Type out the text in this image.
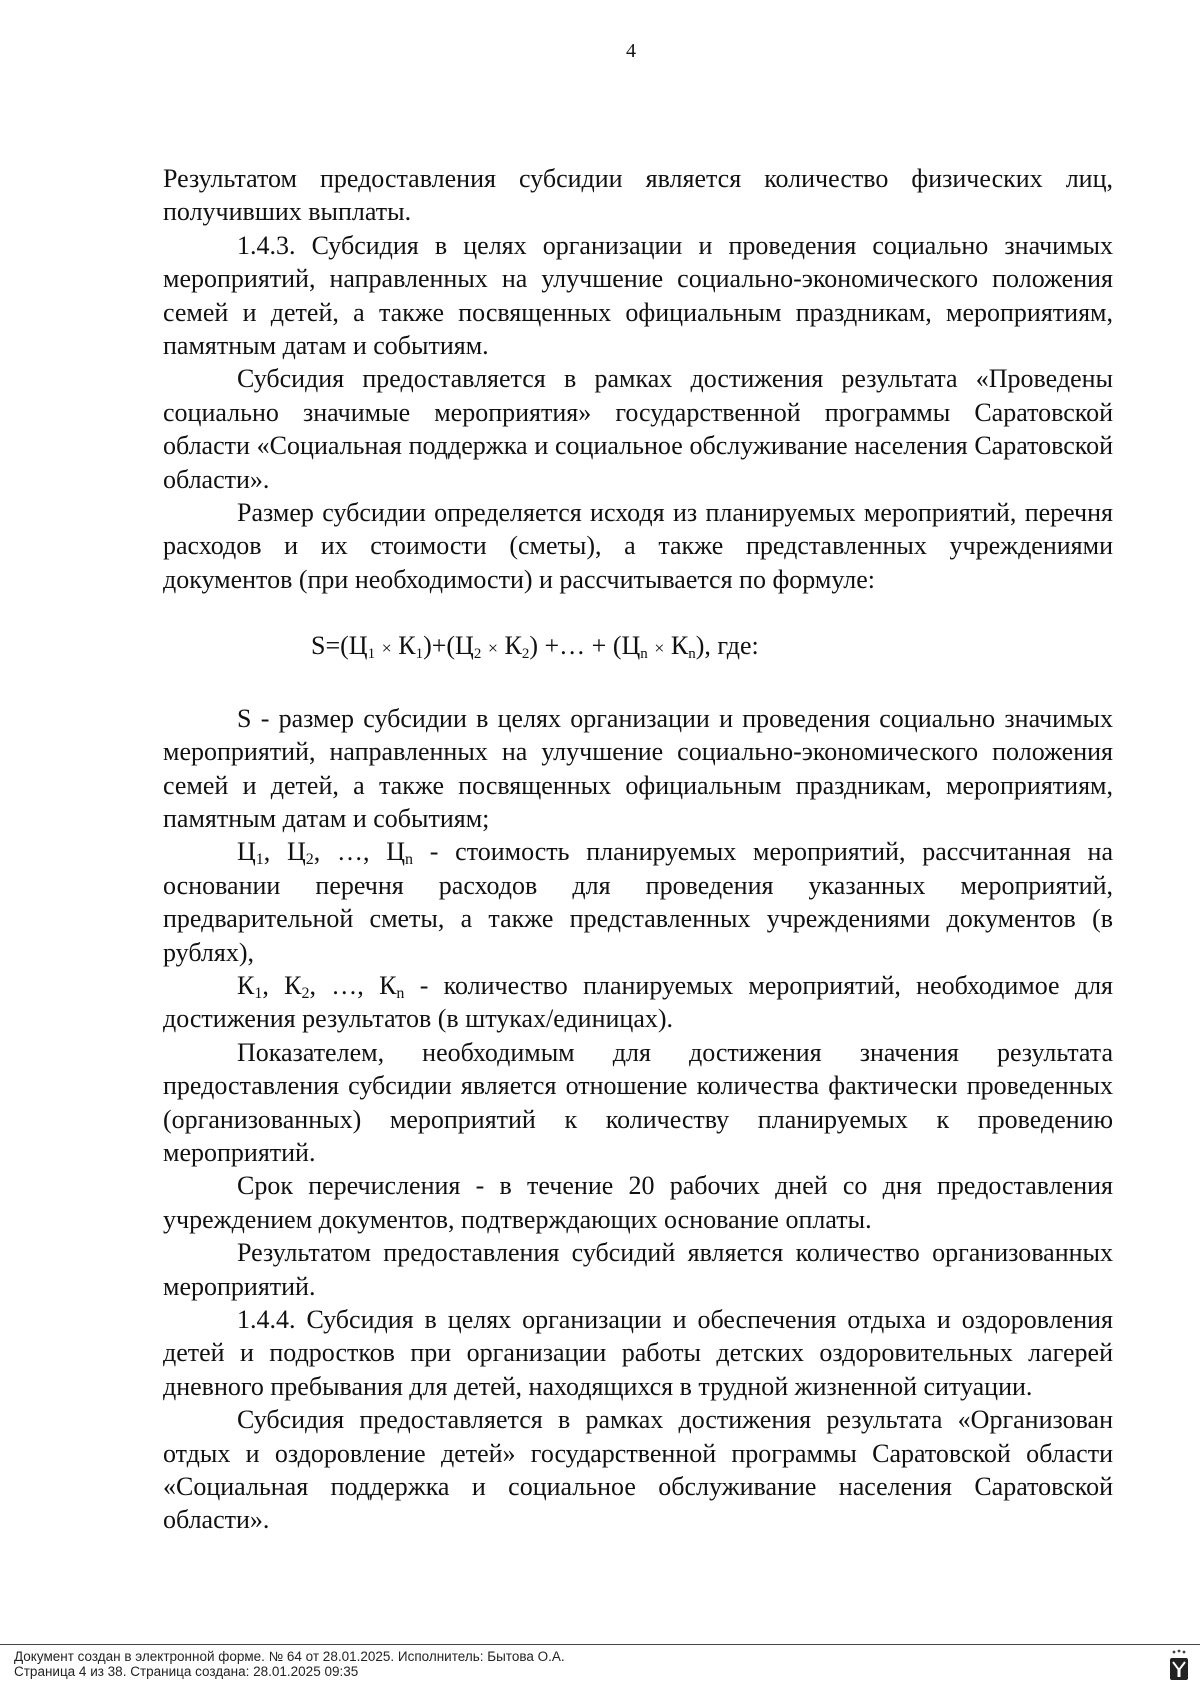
4

Результатом предоставления субсидии является количество физических лиц, получивших выплаты.

1.4.3. Субсидия в целях организации и проведения социально значимых мероприятий, направленных на улучшение социально-экономического положения семей и детей, а также посвященных официальным праздникам, мероприятиям, памятным датам и событиям.

Субсидия предоставляется в рамках достижения результата «Проведены социально значимые мероприятия» государственной программы Саратовской области «Социальная поддержка и социальное обслуживание населения Саратовской области».

Размер субсидии определяется исходя из планируемых мероприятий, перечня расходов и их стоимости (сметы), а также представленных учреждениями документов (при необходимости) и рассчитывается по формуле:

$S=(Ц_1 \times К_1)+(Ц_2 \times К_2)$ +… + $(Ц_n \times К_n)$, где:

S - размер субсидии в целях организации и проведения социально значимых мероприятий, направленных на улучшение социально-экономического положения семей и детей, а также посвященных официальным праздникам, мероприятиям, памятным датам и событиям;

$Ц_1$, $Ц_2$, …, $Ц_n$ - стоимость планируемых мероприятий, рассчитанная на основании перечня расходов для проведения указанных мероприятий, предварительной сметы, а также представленных учреждениями документов (в рублях),

$К_1$, $К_2$, …, $К_n$ - количество планируемых мероприятий, необходимое для достижения результатов (в штуках/единицах).

Показателем, необходимым для достижения значения результата предоставления субсидии является отношение количества фактически проведенных (организованных) мероприятий к количеству планируемых к проведению мероприятий.

Срок перечисления - в течение 20 рабочих дней со дня предоставления учреждением документов, подтверждающих основание оплаты.

Результатом предоставления субсидий является количество организованных мероприятий.

1.4.4. Субсидия в целях организации и обеспечения отдыха и оздоровления детей и подростков при организации работы детских оздоровительных лагерей дневного пребывания для детей, находящихся в трудной жизненной ситуации.

Субсидия предоставляется в рамках достижения результата «Организован отдых и оздоровление детей» государственной программы Саратовской области «Социальная поддержка и социальное обслуживание населения Саратовской области».

Документ создан в электронной форме. № 64 от 28.01.2025. Исполнитель: Бытова О.А.
Страница 4 из 38. Страница создана: 28.01.2025 09:35
